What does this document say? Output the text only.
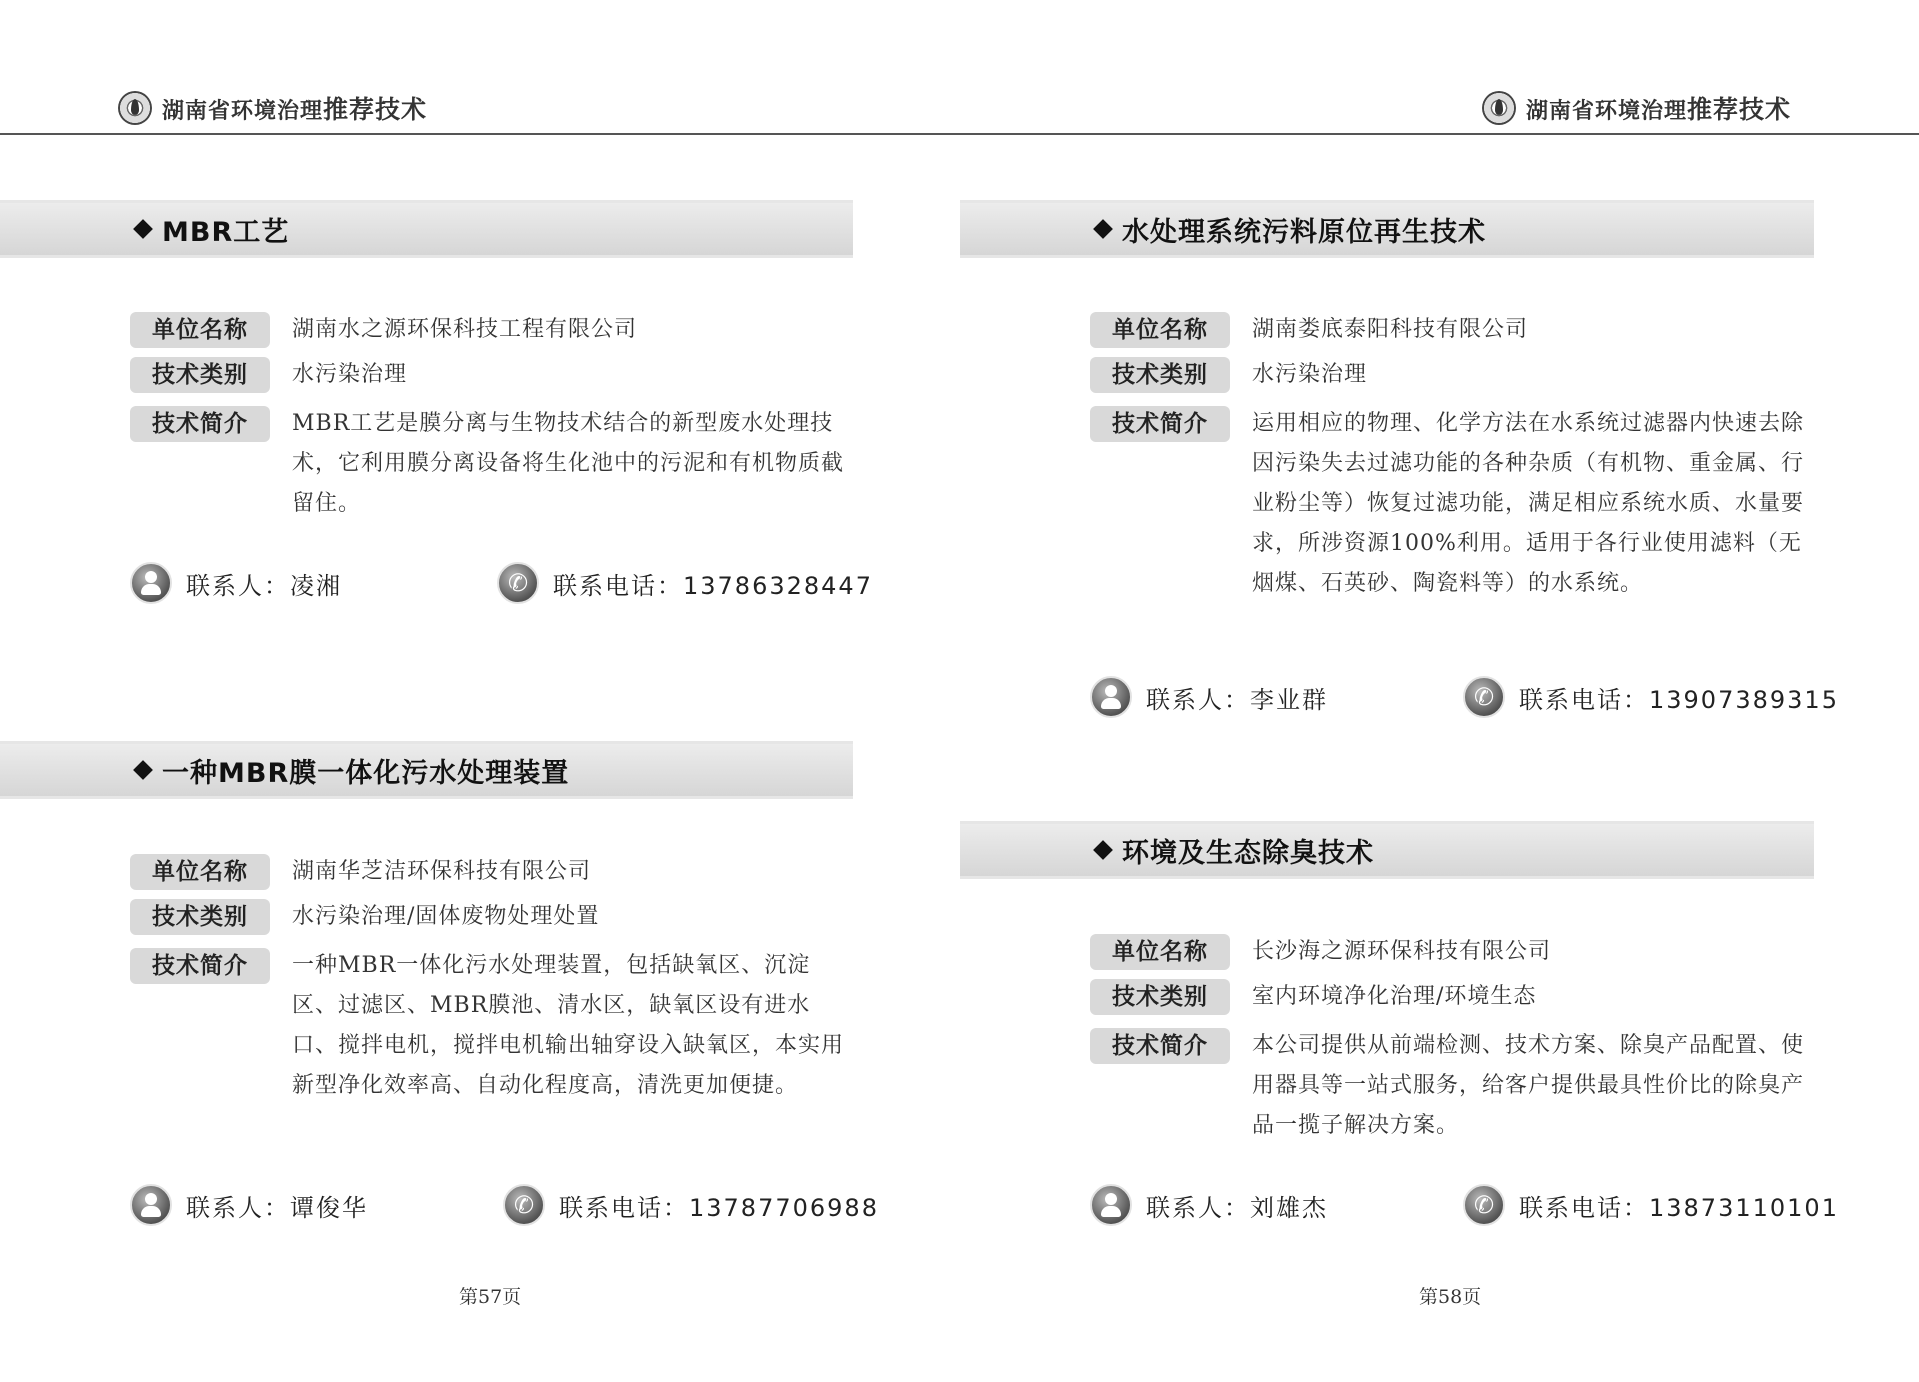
湖南省环境治理推荐技术	湖南省环境治理推荐技术
MBR工艺
单位名称	湖南水之源环保科技工程有限公司
技术类别	水污染治理
技术简介	MBR工艺是膜分离与生物技术结合的新型废水处理技术，它利用膜分离设备将生化池中的污泥和有机物质截留住。
联系人：凌湘 ✆	联系电话：13786328447
一种MBR膜一体化污水处理装置
单位名称	湖南华芝洁环保科技有限公司
技术类别	水污染治理/固体废物处理处置
技术简介	一种MBR一体化污水处理装置，包括缺氧区、沉淀区、过滤区、MBR膜池、清水区，缺氧区设有进水口、搅拌电机，搅拌电机输出轴穿设入缺氧区，本实用新型净化效率高、自动化程度高，清洗更加便捷。
联系人：谭俊华 ✆	联系电话：13787706988
第57页
水处理系统污料原位再生技术
单位名称	湖南娄底泰阳科技有限公司
技术类别	水污染治理
技术简介	运用相应的物理、化学方法在水系统过滤器内快速去除因污染失去过滤功能的各种杂质（有机物、重金属、行业粉尘等）恢复过滤功能，满足相应系统水质、水量要求，所涉资源100%利用。适用于各行业使用滤料（无烟煤、石英砂、陶瓷料等）的水系统。
联系人：李业群 ✆	联系电话：13907389315
环境及生态除臭技术
单位名称	长沙海之源环保科技有限公司
技术类别	室内环境净化治理/环境生态
技术简介	本公司提供从前端检测、技术方案、除臭产品配置、使用器具等一站式服务，给客户提供最具性价比的除臭产品一揽子解决方案。
联系人：刘雄杰 ✆	联系电话：13873110101
第58页
